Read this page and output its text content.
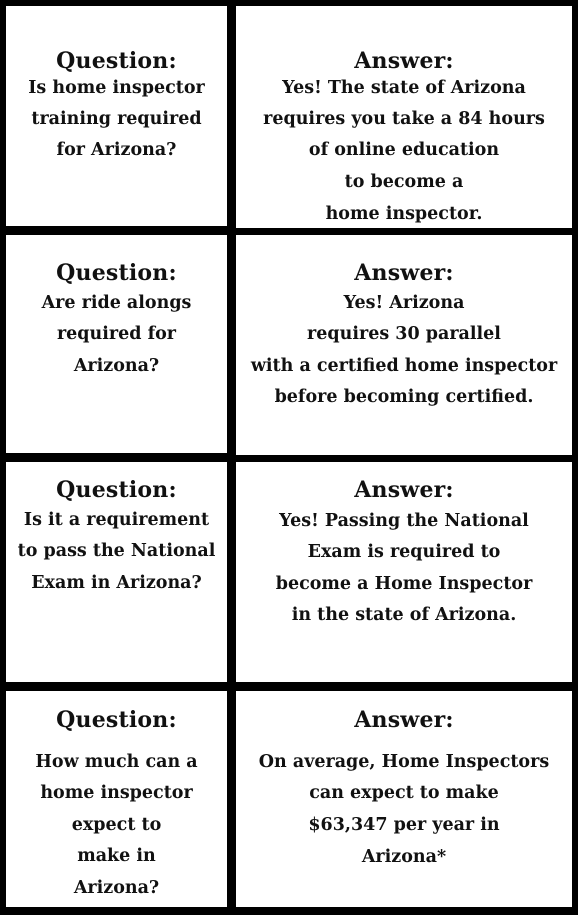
Question:
Is home inspector
training required
for Arizona?
Answer:
Yes! The state of Arizona
requires you take a 84 hours
of online education
to become a
home inspector.
Question:
Are ride alongs
required for
Arizona?
Answer:
Yes! Arizona
requires 30 parallel
with a certified home inspector
before becoming certified.
Question:
Is it a requirement
to pass the National
Exam in Arizona?
Answer:
Yes! Passing the National
Exam is required to
become a Home Inspector
in the state of Arizona.
Question:
How much can a
home inspector
expect to
make in
Arizona?
Answer:
On average, Home Inspectors
can expect to make
$63,347 per year in
Arizona*
